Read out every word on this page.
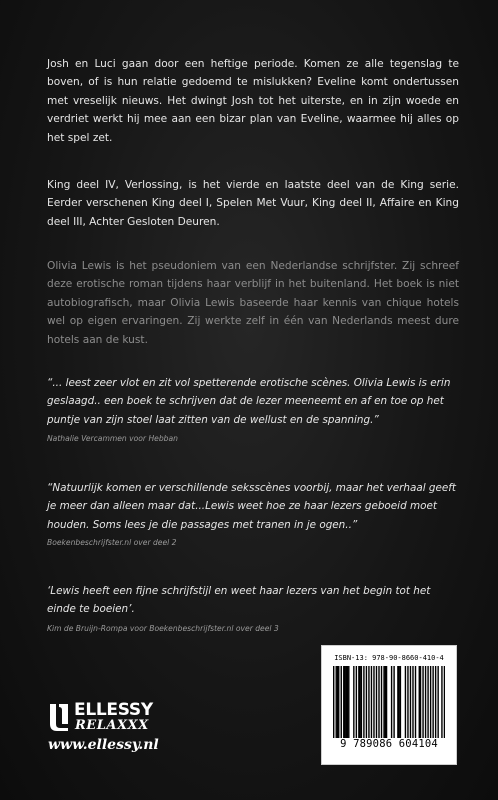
Josh en Luci gaan door een heftige periode. Komen ze alle tegenslag te boven, of is hun relatie gedoemd te mislukken? Eveline komt ondertussen met vreselijk nieuws. Het dwingt Josh tot het uiterste, en in zijn woede en verdriet werkt hij mee aan een bizar plan van Eveline, waarmee hij alles op het spel zet.

King deel IV, Verlossing, is het vierde en laatste deel van de King serie. Eerder verschenen King deel I, Spelen Met Vuur, King deel II, Affaire en King deel III, Achter Gesloten Deuren.

Olivia Lewis is het pseudoniem van een Nederlandse schrijfster. Zij schreef deze erotische roman tijdens haar verblijf in het buitenland. Het boek is niet autobiografisch, maar Olivia Lewis baseerde haar kennis van chique hotels wel op eigen ervaringen. Zij werkte zelf in één van Nederlands meest dure hotels aan de kust.

“... leest zeer vlot en zit vol spetterende erotische scènes. Olivia Lewis is erin geslaagd.. een boek te schrijven dat de lezer meeneemt en af en toe op het puntje van zijn stoel laat zitten van de wellust en de spanning.”
Nathalie Vercammen voor Hebban
“Natuurlijk komen er verschillende seksscènes voorbij, maar het verhaal geeft je meer dan alleen maar dat...Lewis weet hoe ze haar lezers geboeid moet houden. Soms lees je die passages met tranen in je ogen..”
Boekenbeschrijfster.nl over deel 2
‘Lewis heeft een fijne schrijfstijl en weet haar lezers van het begin tot het einde te boeien’.
Kim de Bruijn-Rompa voor Boekenbeschrijfster.nl over deel 3
ELLESSY
RELAXXX
www.ellessy.nl
ISBN-13: 978-90-8660-410-4
9 789086 604104
